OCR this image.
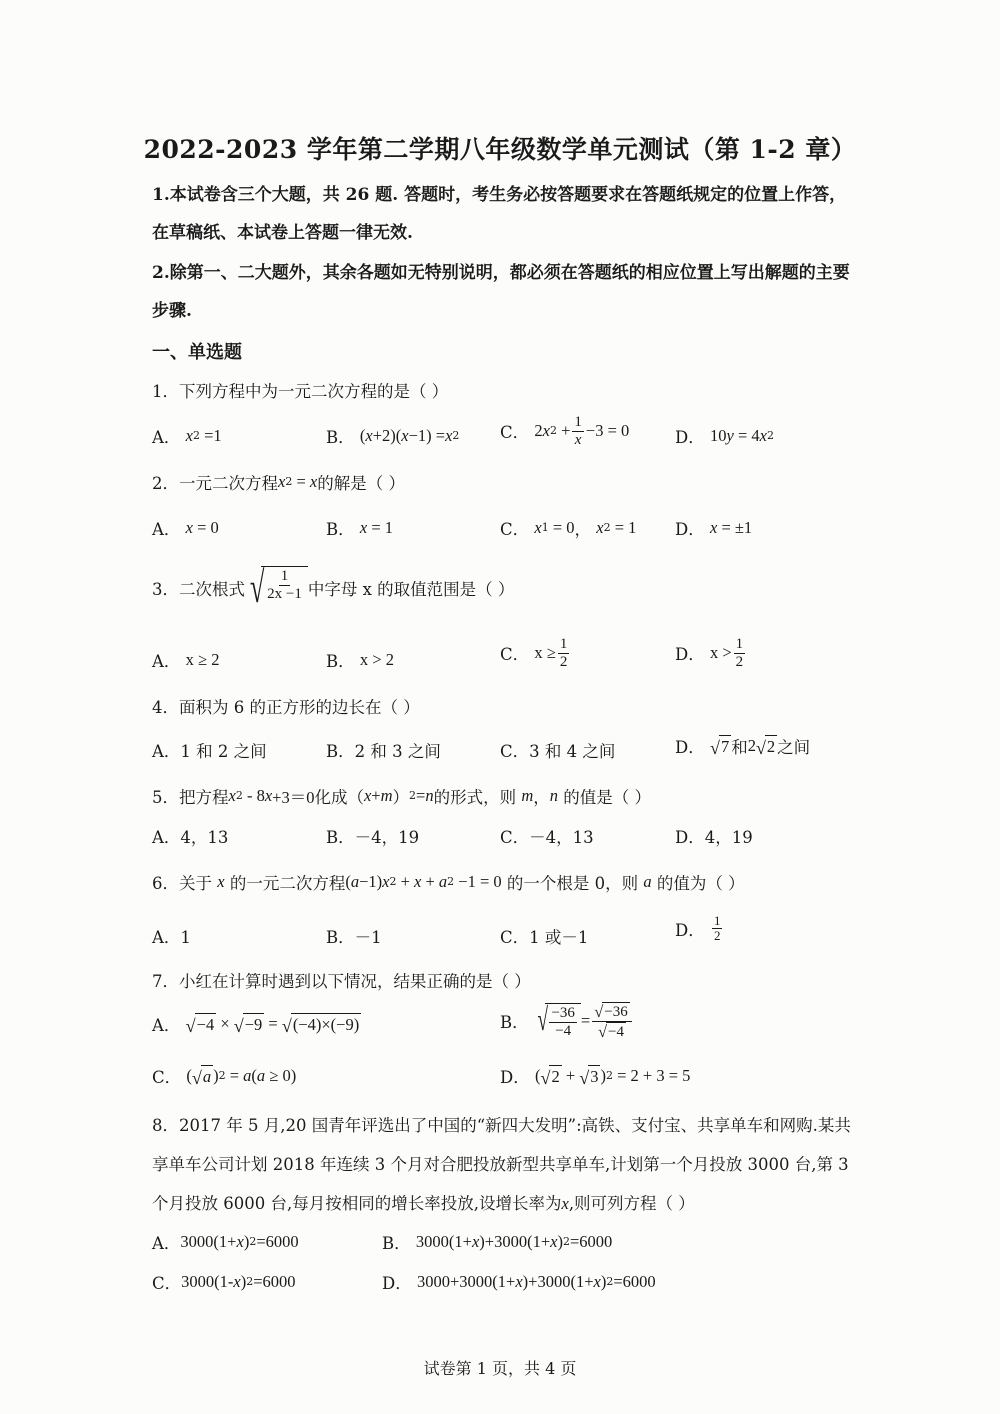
2022-2023 学年第二学期八年级数学单元测试（第 1-2 章）
1.本试卷含三个大题，共 26 题. 答题时，考生务必按答题要求在答题纸规定的位置上作答，在草稿纸、本试卷上答题一律无效.
2.除第一、二大题外，其余各题如无特别说明，都必须在答题纸的相应位置上写出解题的主要步骤.
一、单选题
1．下列方程中为一元二次方程的是（ ）
A．
x 2 =1	B．
( x +2)( x −1) = x 2 C．
2 x $2 + \frac{1}{x} -3 = 0$	D．
10 y = 4 x 2
2．一元二次方程 x 2 = x 的解是（ ）
A．
x = 0	B．
x = 1	C．
x 1 = 0 ， x 2 = 1 D．
x = ±1
3．二次根式 √ $\frac{1}{2x -1}$ 中字母 x 的取值范围是（ ）
A．
x ≥ 2	B．
x > 2	C．
$x \ge \frac{1}{2}$	D．
$x > \frac{1}{2}$
4．面积为 6 的正方形的边长在（ ）
A．1 和 2 之间	B．2 和 3 之间	C．3 和 4 之间	D．
√ 7 和 2 √ 2 之间
5．把方程 x 2 - 8 x +3＝0 化成（ x + m ） 2 = n 的形式，则
m ， n
的值是（ ）
A．4，13	B．－4，19	C．－4，13	D．4，19
6．关于
x
的一元二次方程 ( a −1) x 2 + x + a 2 −1 = 0
的一个根是 0，则
a
的值为（ ）
A．1	B．－1	C．1 或－1	D．
$\frac{1}{2}$
7．小红在计算时遇到以下情况，结果正确的是（ ）
A．
√ −4 × √ −9 = √ (−4)×(−9)	B．
√ $\frac{-36}{-4} = \frac{√ -36}{√ -4}$
C．
( √ a ) 2 = a ( a ≥ 0)	D．
( √ 2 + √ 3 ) 2 = 2 + 3 = 5
8．2017 年 5 月,20 国青年评选出了中国的“新四大发明”:高铁、支付宝、共享单车和网购.某共享单车公司计划 2018 年连续 3 个月对合肥投放新型共享单车,计划第一个月投放 3000 台,第 3 个月投放 6000 台,每月按相同的增长率投放,设增长率为x,则可列方程（ ）
A． 3000(1+ x ) 2 =6000	B．
3000(1+ x )+3000(1+ x ) 2 =6000
C． 3000(1- x ) 2 =6000	D．
3000+3000(1+ x )+3000(1+ x ) 2 =6000
试卷第 1 页，共 4 页
